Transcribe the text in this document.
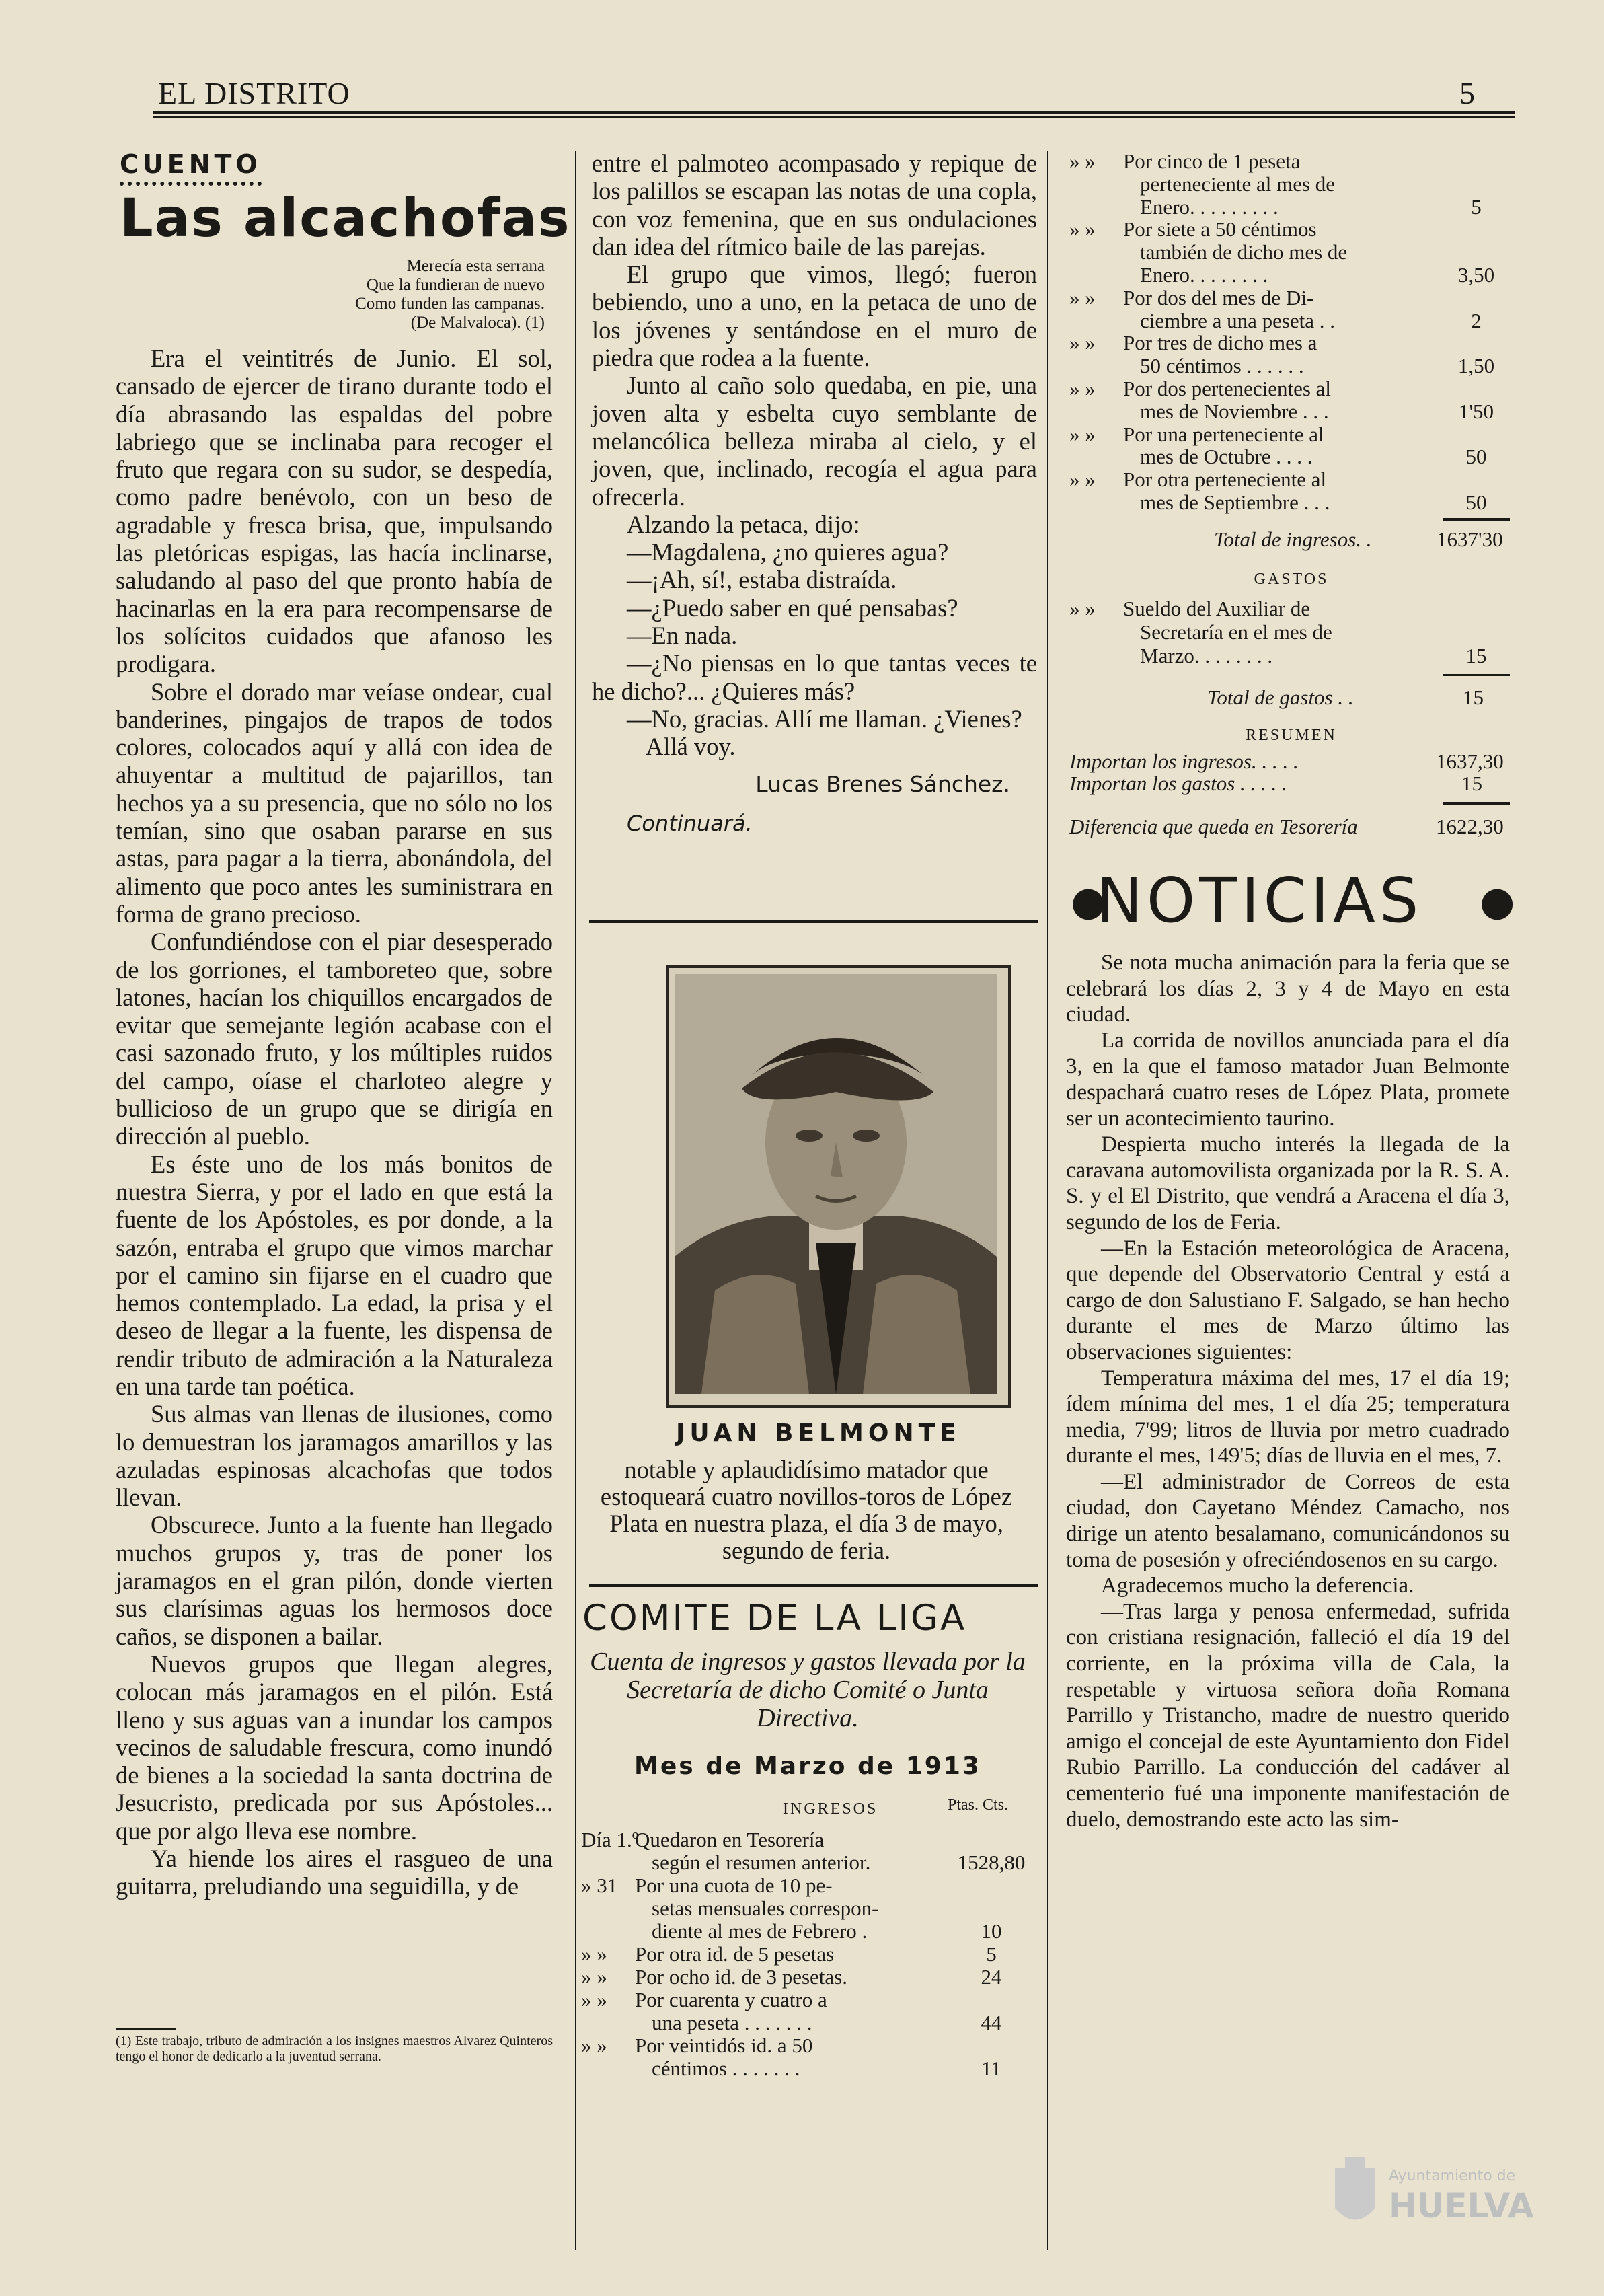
EL DISTRITO	5
CUENTO
Las alcachofas
Merecía esta serrana
Que la fundieran de nuevo
Como funden las campanas.
(De Malvaloca). (1)

Era el veintitrés de Junio. El sol, cansado de ejercer de tirano durante todo el día abrasando las espaldas del pobre labriego que se inclinaba para recoger el fruto que regara con su sudor, se despedía, como padre benévolo, con un beso de agradable y fresca brisa, que, impulsando las pletóricas espigas, las hacía inclinarse, saludando al paso del que pronto había de hacinarlas en la era para recompensarse de los solícitos cuidados que afanoso les prodigara.

Sobre el dorado mar veíase ondear, cual banderines, pingajos de trapos de todos colores, colocados aquí y allá con idea de ahuyentar a multitud de pajarillos, tan hechos ya a su presencia, que no sólo no los temían, sino que osaban pararse en sus astas, para pagar a la tierra, abonándola, del alimento que poco antes les suministrara en forma de grano precioso.

Confundiéndose con el piar desesperado de los gorriones, el tamboreteo que, sobre latones, hacían los chiquillos encargados de evitar que semejante legión acabase con el casi sazonado fruto, y los múltiples ruidos del campo, oíase el charloteo alegre y bullicioso de un grupo que se dirigía en dirección al pueblo.

Es éste uno de los más bonitos de nuestra Sierra, y por el lado en que está la fuente de los Apóstoles, es por donde, a la sazón, entraba el grupo que vimos marchar por el camino sin fijarse en el cuadro que hemos contemplado. La edad, la prisa y el deseo de llegar a la fuente, les dispensa de rendir tributo de admiración a la Naturaleza en una tarde tan poética.

Sus almas van llenas de ilusiones, como lo demuestran los jaramagos amarillos y las azuladas espinosas alcachofas que todos llevan.

Obscurece. Junto a la fuente han llegado muchos grupos y, tras de poner los jaramagos en el gran pilón, donde vierten sus clarísimas aguas los hermosos doce caños, se disponen a bailar.

Nuevos grupos que llegan alegres, colocan más jaramagos en el pilón. Está lleno y sus aguas van a inundar los campos vecinos de saludable frescura, como inundó de bienes a la sociedad la santa doctrina de Jesucristo, predicada por sus Apóstoles... que por algo lleva ese nombre.

Ya hiende los aires el rasgueo de una guitarra, preludiando una seguidilla, y de

(1) Este trabajo, tributo de admiración a los insignes maestros Alvarez Quinteros tengo el honor de dedicarlo a la juventud serrana.

entre el palmoteo acompasado y repique de los palillos se escapan las notas de una copla, con voz femenina, que en sus ondulaciones dan idea del rítmico baile de las parejas.

El grupo que vimos, llegó; fueron bebiendo, uno a uno, en la petaca de uno de los jóvenes y sentándose en el muro de piedra que rodea a la fuente.

Junto al caño solo quedaba, en pie, una joven alta y esbelta cuyo semblante de melancólica belleza miraba al cielo, y el joven, que, inclinado, recogía el agua para ofrecerla.

Alzando la petaca, dijo:

—Magdalena, ¿no quieres agua?

—¡Ah, sí!, estaba distraída.

—¿Puedo saber en qué pensabas?

—En nada.

—¿No piensas en lo que tantas veces te he dicho?... ¿Quieres más?

—No, gracias. Allí me llaman. ¿Vienes?

Allá voy.

Lucas Brenes Sánchez.
Continuará.
JUAN BELMONTE
notable y aplaudidísimo matador que estoqueará cuatro novillos-toros de López Plata en nuestra plaza, el día 3 de mayo, segundo de feria.
COMITE DE LA LIGA
Cuenta de ingresos y gastos llevada por la Secretaría de dicho Comité o Junta Directiva.
Mes de Marzo de 1913
INGRESOS	Ptas. Cts.
Día 1.º
Quedaron en Tesorería
según el resumen anterior.	1528,80
» 31 Por una cuota de 10 pe-
setas mensuales correspon-
diente al mes de Febrero .	10
» » Por otra id. de 5 pesetas	5
» » Por ocho id. de 3 pesetas.	24
» » Por cuarenta y cuatro a
una peseta . . . . . . .	44
» » Por veintidós id. a 50
céntimos . . . . . . .	11
» » Por cinco de 1 peseta
perteneciente al mes de
Enero. . . . . . . . .	5
» » Por siete a 50 céntimos
también de dicho mes de
Enero. . . . . . . .	3,50
» » Por dos del mes de Di-
ciembre a una peseta . .	2
» » Por tres de dicho mes a
50 céntimos . . . . . .	1,50
» » Por dos pertenecientes al
mes de Noviembre . . .	1'50
» » Por una perteneciente al
mes de Octubre . . . .	50
» » Por otra perteneciente al
mes de Septiembre . . .	50
Total de ingresos. .	1637'30
GASTOS
» » Sueldo del Auxiliar de
Secretaría en el mes de
Marzo. . . . . . . .	15
Total de gastos . .	15
RESUMEN
Importan los ingresos. . . . .	1637,30
Importan los gastos . . . . .	15
Diferencia que queda en Tesorería	1622,30
●
NOTICIAS ●

Se nota mucha animación para la feria que se celebrará los días 2, 3 y 4 de Mayo en esta ciudad.

La corrida de novillos anunciada para el día 3, en la que el famoso matador Juan Belmonte despachará cuatro reses de López Plata, promete ser un acontecimiento taurino.

Despierta mucho interés la llegada de la caravana automovilista organizada por la R. S. A. S. y el El Distrito, que vendrá a Aracena el día 3, segundo de los de Feria.

—En la Estación meteorológica de Aracena, que depende del Observatorio Central y está a cargo de don Salustiano F. Salgado, se han hecho durante el mes de Marzo último las observaciones siguientes:

Temperatura máxima del mes, 17 el día 19; ídem mínima del mes, 1 el día 25; temperatura media, 7'99; litros de lluvia por metro cuadrado durante el mes, 149'5; días de lluvia en el mes, 7.

—El administrador de Correos de esta ciudad, don Cayetano Méndez Camacho, nos dirige un atento besalamano, comunicándonos su toma de posesión y ofreciéndosenos en su cargo.

Agradecemos mucho la deferencia.

—Tras larga y penosa enfermedad, sufrida con cristiana resignación, falleció el día 19 del corriente, en la próxima villa de Cala, la respetable y virtuosa señora doña Romana Parrillo y Tristancho, madre de nuestro querido amigo el concejal de este Ayuntamiento don Fidel Rubio Parrillo. La conducción del cadáver al cementerio fué una imponente manifestación de duelo, demostrando este acto las sim-

Ayuntamiento de
HUELVA
